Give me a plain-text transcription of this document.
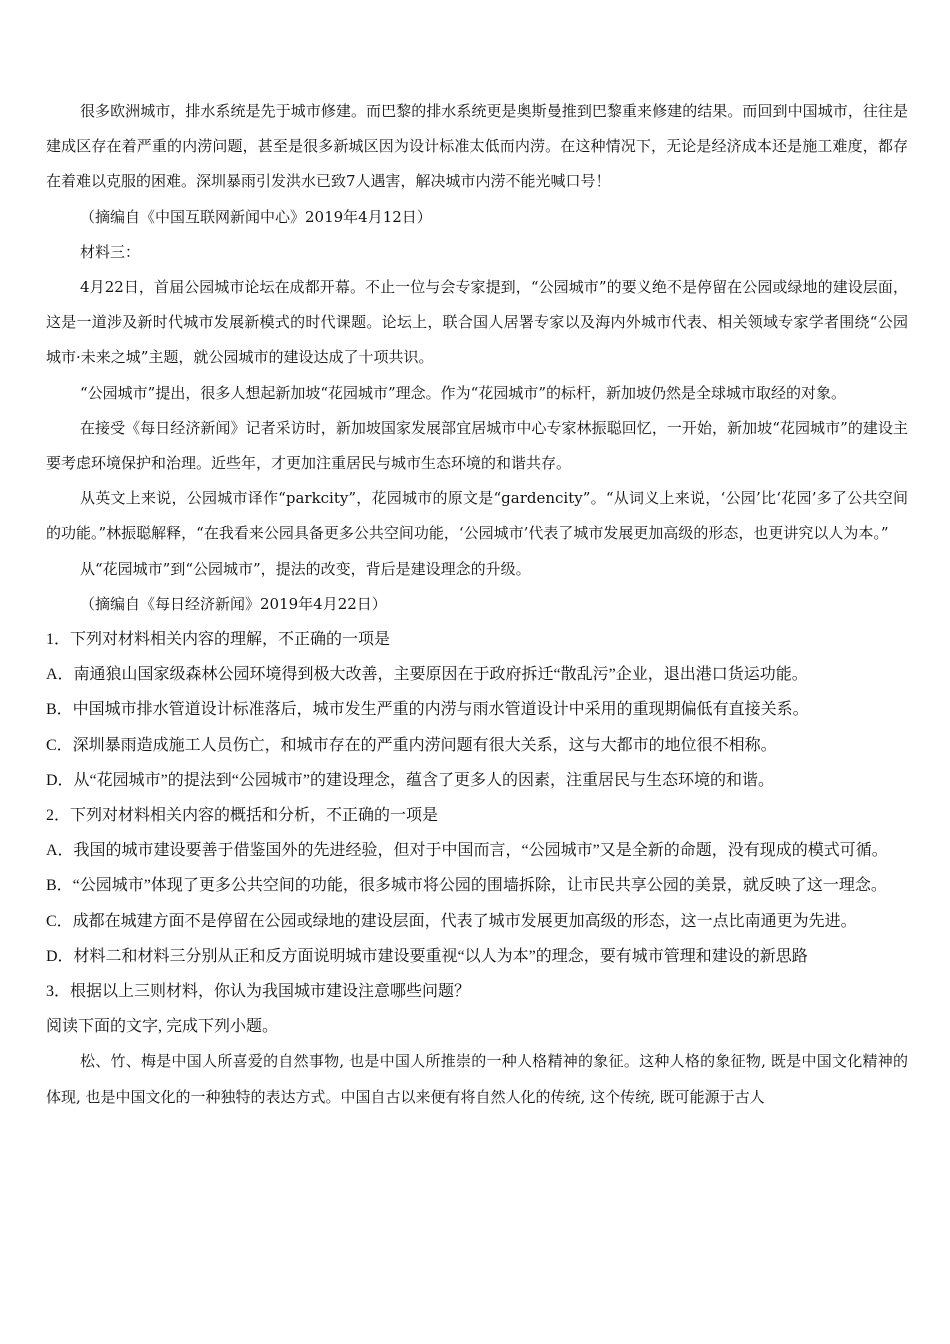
很多欧洲城市，排水系统是先于城市修建。而巴黎的排水系统更是奥斯曼推到巴黎重来修建的结果。而回到中国城市，往往是建成区存在着严重的内涝问题，甚至是很多新城区因为设计标准太低而内涝。在这种情况下，无论是经济成本还是施工难度，都存在着难以克服的困难。深圳暴雨引发洪水已致7人遇害，解决城市内涝不能光喊口号！

（摘编自《中国互联网新闻中心》2019年4月12日）

材料三：

4月22日，首届公园城市论坛在成都开幕。不止一位与会专家提到，“公园城市”的要义绝不是停留在公园或绿地的建设层面，这是一道涉及新时代城市发展新模式的时代课题。论坛上，联合国人居署专家以及海内外城市代表、相关领域专家学者围绕“公园城市·未来之城”主题，就公园城市的建设达成了十项共识。

“公园城市”提出，很多人想起新加坡“花园城市”理念。作为“花园城市”的标杆，新加坡仍然是全球城市取经的对象。

在接受《每日经济新闻》记者采访时，新加坡国家发展部宜居城市中心专家林振聪回忆，一开始，新加坡“花园城市”的建设主要考虑环境保护和治理。近些年，才更加注重居民与城市生态环境的和谐共存。

从英文上来说，公园城市译作“parkcity”，花园城市的原文是“gardencity”。“从词义上来说，‘公园’比‘花园’多了公共空间的功能。”林振聪解释，“在我看来公园具备更多公共空间功能，‘公园城市’代表了城市发展更加高级的形态，也更讲究以人为本。”

从“花园城市”到“公园城市”，提法的改变，背后是建设理念的升级。

（摘编自《每日经济新闻》2019年4月22日）

1．下列对材料相关内容的理解，不正确的一项是

A．南通狼山国家级森林公园环境得到极大改善，主要原因在于政府拆迁“散乱污”企业，退出港口货运功能。

B．中国城市排水管道设计标准落后，城市发生严重的内涝与雨水管道设计中采用的重现期偏低有直接关系。

C．深圳暴雨造成施工人员伤亡，和城市存在的严重内涝问题有很大关系，这与大都市的地位很不相称。

D．从“花园城市”的提法到“公园城市”的建设理念，蕴含了更多人的因素，注重居民与生态环境的和谐。

2．下列对材料相关内容的概括和分析，不正确的一项是

A．我国的城市建设要善于借鉴国外的先进经验，但对于中国而言，“公园城市”又是全新的命题，没有现成的模式可循。

B．“公园城市”体现了更多公共空间的功能，很多城市将公园的围墙拆除，让市民共享公园的美景，就反映了这一理念。

C．成都在城建方面不是停留在公园或绿地的建设层面，代表了城市发展更加高级的形态，这一点比南通更为先进。

D．材料二和材料三分别从正和反方面说明城市建设要重视“以人为本”的理念，要有城市管理和建设的新思路

3．根据以上三则材料，你认为我国城市建设注意哪些问题？

阅读下面的文字, 完成下列小题。

松、竹、梅是中国人所喜爱的自然事物, 也是中国人所推崇的一种人格精神的象征。这种人格的象征物, 既是中国文化精神的体现, 也是中国文化的一种独特的表达方式。中国自古以来便有将自然人化的传统, 这个传统, 既可能源于古人
